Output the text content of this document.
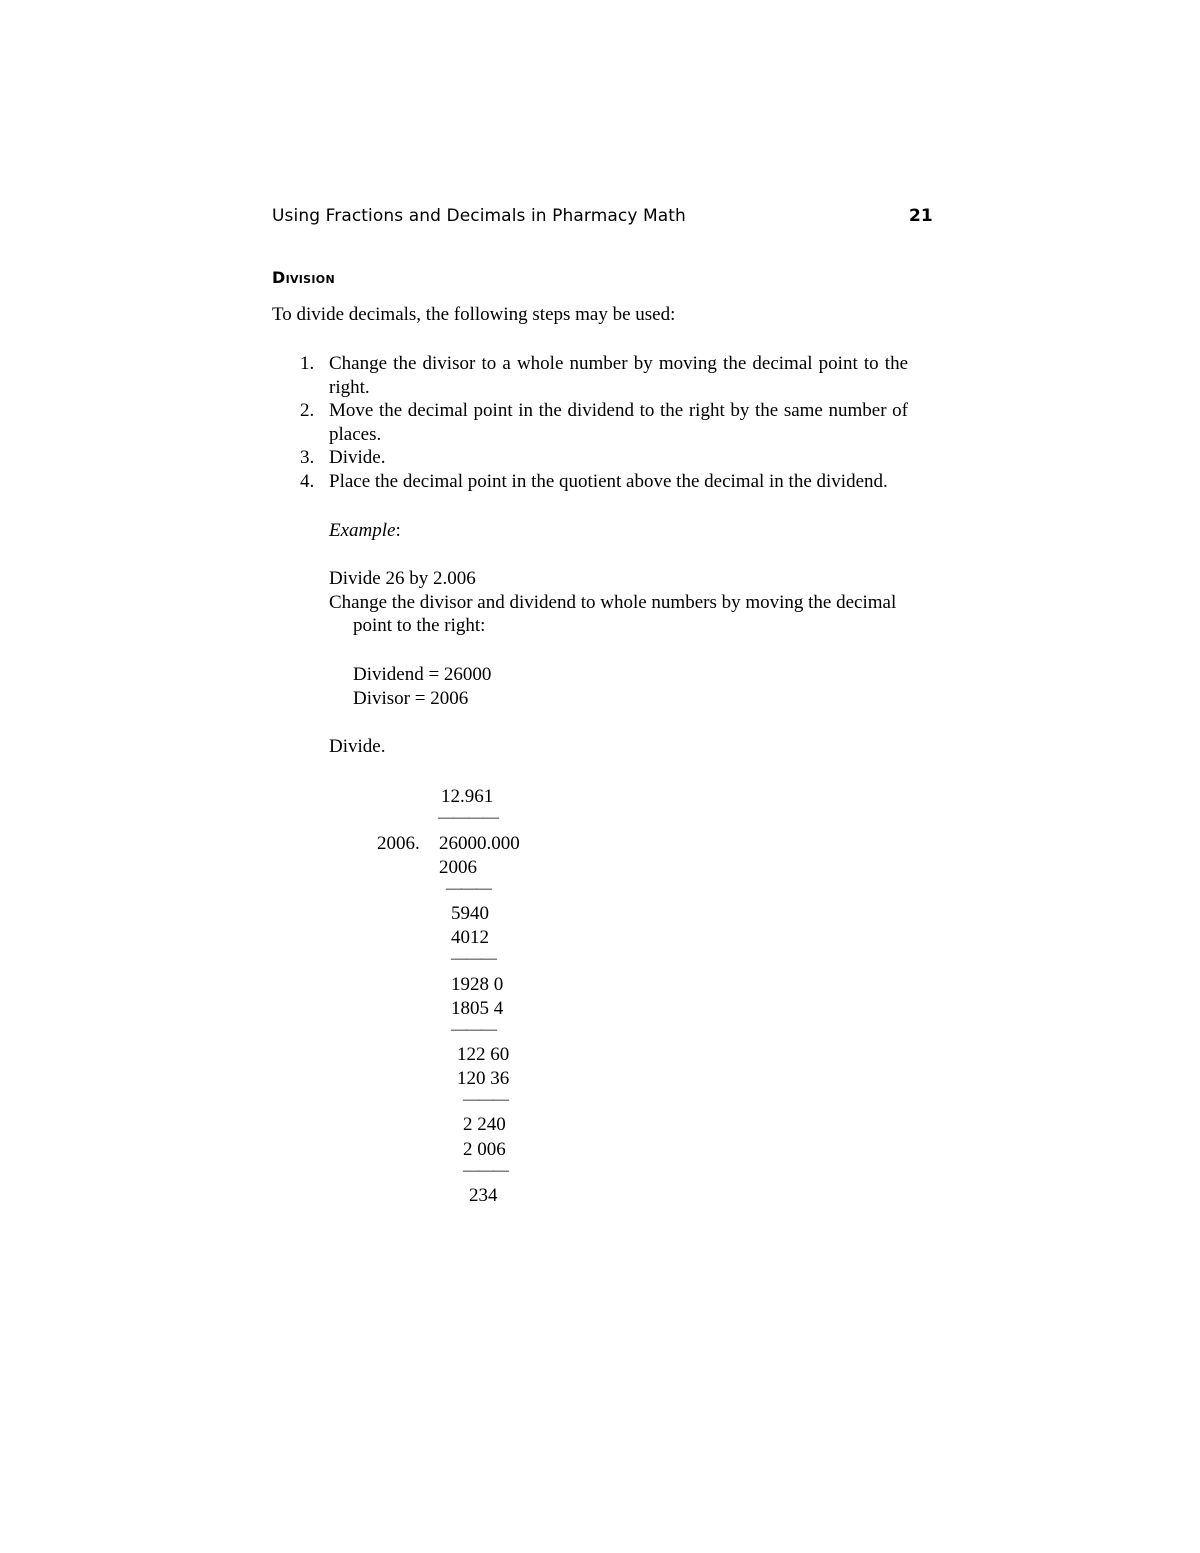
Using Fractions and Decimals in Pharmacy Math	21
Division
To divide decimals, the following steps may be used:
1. Change the divisor to a whole number by moving the decimal point to the right.
2. Move the decimal point in the dividend to the right by the same number of places.
3. Divide.
4. Place the decimal point in the quotient above the decimal in the dividend.
Example:
Divide 26 by 2.006
Change the divisor and dividend to whole numbers by moving the decimal
point to the right:
Dividend = 26000
Divisor = 2006
Divide.
12.961
————
2006. 26000.000
2006
———
5940
4012
———
1928 0
1805 4
———
122 60
120 36
———
2 240
2 006
———
234
